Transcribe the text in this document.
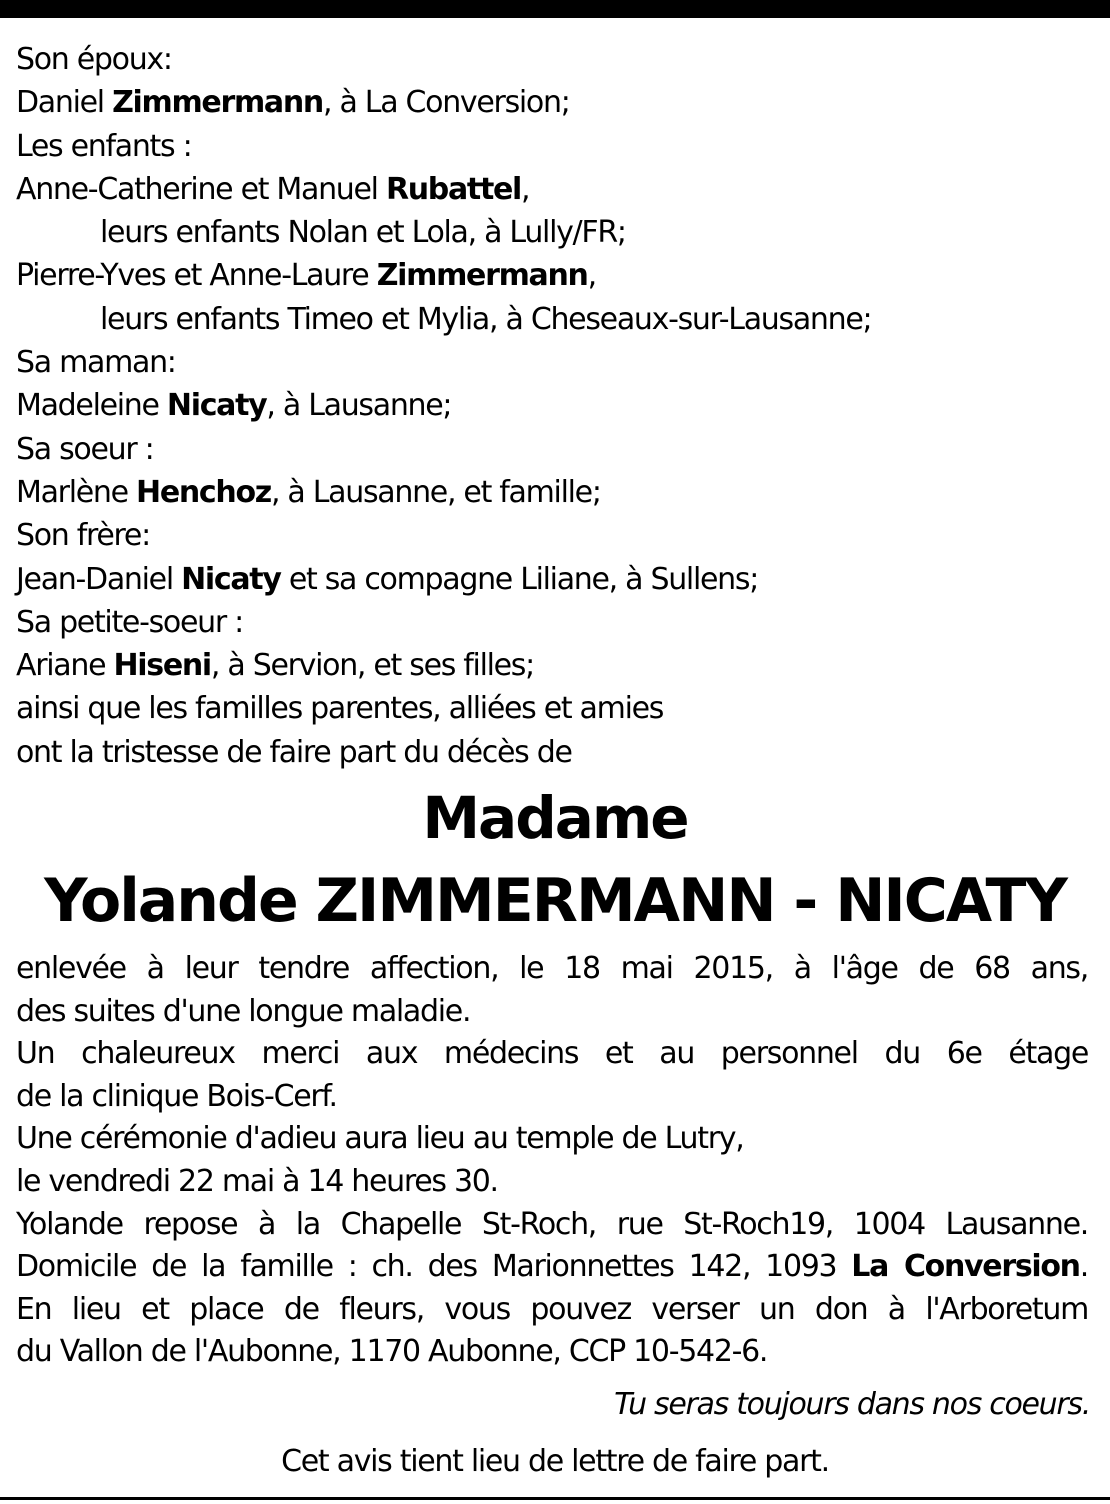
Son époux:
Daniel Zimmermann, à La Conversion;
Les enfants :
Anne-Catherine et Manuel Rubattel,
leurs enfants Nolan et Lola, à Lully/FR;
Pierre-Yves et Anne-Laure Zimmermann,
leurs enfants Timeo et Mylia, à Cheseaux-sur-Lausanne;
Sa maman:
Madeleine Nicaty, à Lausanne;
Sa soeur :
Marlène Henchoz, à Lausanne, et famille;
Son frère:
Jean-Daniel Nicaty et sa compagne Liliane, à Sullens;
Sa petite-soeur :
Ariane Hiseni, à Servion, et ses filles;
ainsi que les familles parentes, alliées et amies
ont la tristesse de faire part du décès de
Madame
Yolande ZIMMERMANN - NICATY
enlevée à leur tendre affection, le 18 mai 2015, à l'âge de 68 ans,
des suites d'une longue maladie.
Un chaleureux merci aux médecins et au personnel du 6e étage
de la clinique Bois-Cerf.
Une cérémonie d'adieu aura lieu au temple de Lutry,
le vendredi 22 mai à 14 heures 30.
Yolande repose à la Chapelle St-Roch, rue St-Roch19, 1004 Lausanne.
Domicile de la famille : ch. des Marionnettes 142, 1093 La Conversion.
En lieu et place de fleurs, vous pouvez verser un don à l'Arboretum
du Vallon de l'Aubonne, 1170 Aubonne, CCP 10-542-6.
Tu seras toujours dans nos coeurs.
Cet avis tient lieu de lettre de faire part.
